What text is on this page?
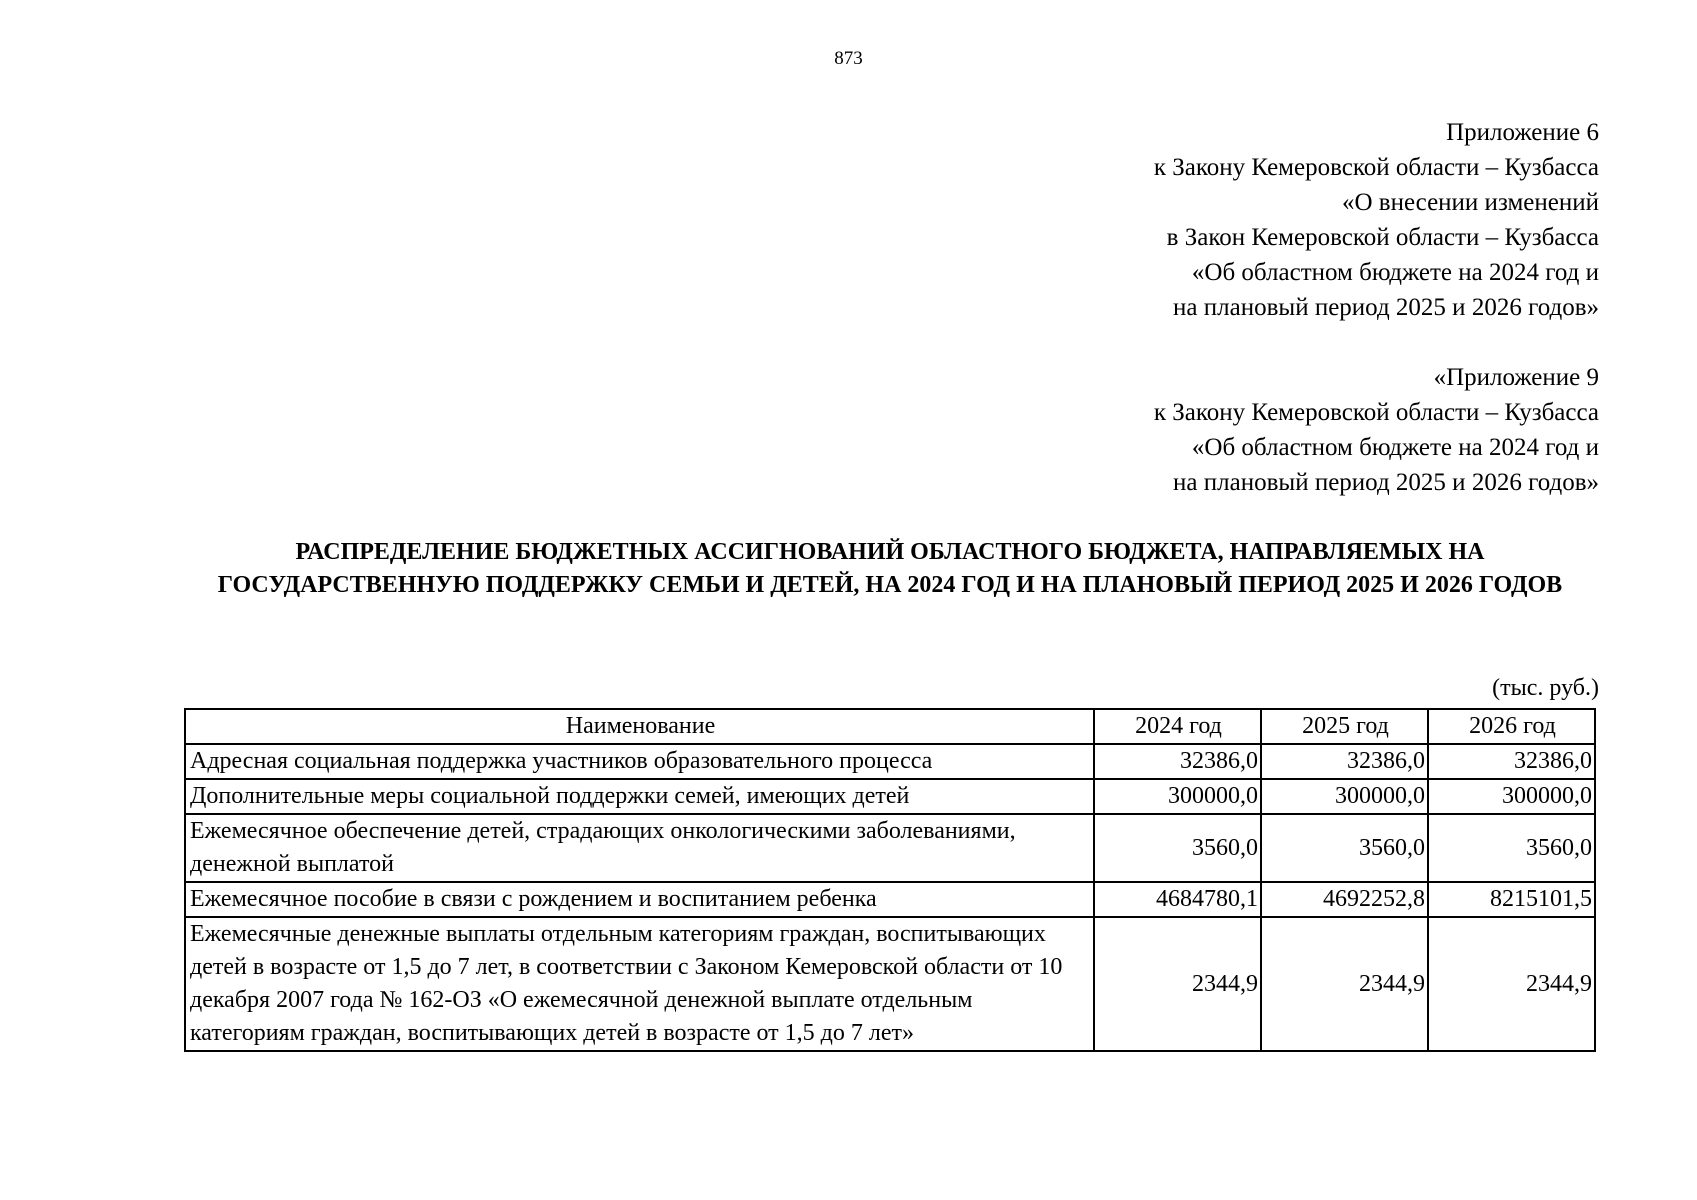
873
Приложение 6
к Закону Кемеровской области – Кузбасса
«О внесении изменений
в Закон Кемеровской области – Кузбасса
«Об областном бюджете на 2024 год и
на плановый период 2025 и 2026 годов»
«Приложение 9
к Закону Кемеровской области – Кузбасса
«Об областном бюджете на 2024 год и
на плановый период 2025 и 2026 годов»
РАСПРЕДЕЛЕНИЕ БЮДЖЕТНЫХ АССИГНОВАНИЙ ОБЛАСТНОГО БЮДЖЕТА, НАПРАВЛЯЕМЫХ НА ГОСУДАРСТВЕННУЮ ПОДДЕРЖКУ СЕМЬИ И ДЕТЕЙ, НА 2024 ГОД И НА ПЛАНОВЫЙ ПЕРИОД 2025 И 2026 ГОДОВ
(тыс. руб.)
Наименование	2024 год	2025 год	2026 год
Адресная социальная поддержка участников образовательного процесса	32386,0	32386,0	32386,0
Дополнительные меры социальной поддержки семей, имеющих детей	300000,0	300000,0	300000,0
Ежемесячное обеспечение детей, страдающих онкологическими заболеваниями, денежной выплатой	3560,0	3560,0	3560,0
Ежемесячное пособие в связи с рождением и воспитанием ребенка	4684780,1	4692252,8	8215101,5
Ежемесячные денежные выплаты отдельным категориям граждан, воспитывающих детей в возрасте от 1,5 до 7 лет, в соответствии с Законом Кемеровской области от 10 декабря 2007 года № 162-ОЗ «О ежемесячной денежной выплате отдельным категориям граждан, воспитывающих детей в возрасте от 1,5 до 7 лет»	2344,9	2344,9	2344,9
